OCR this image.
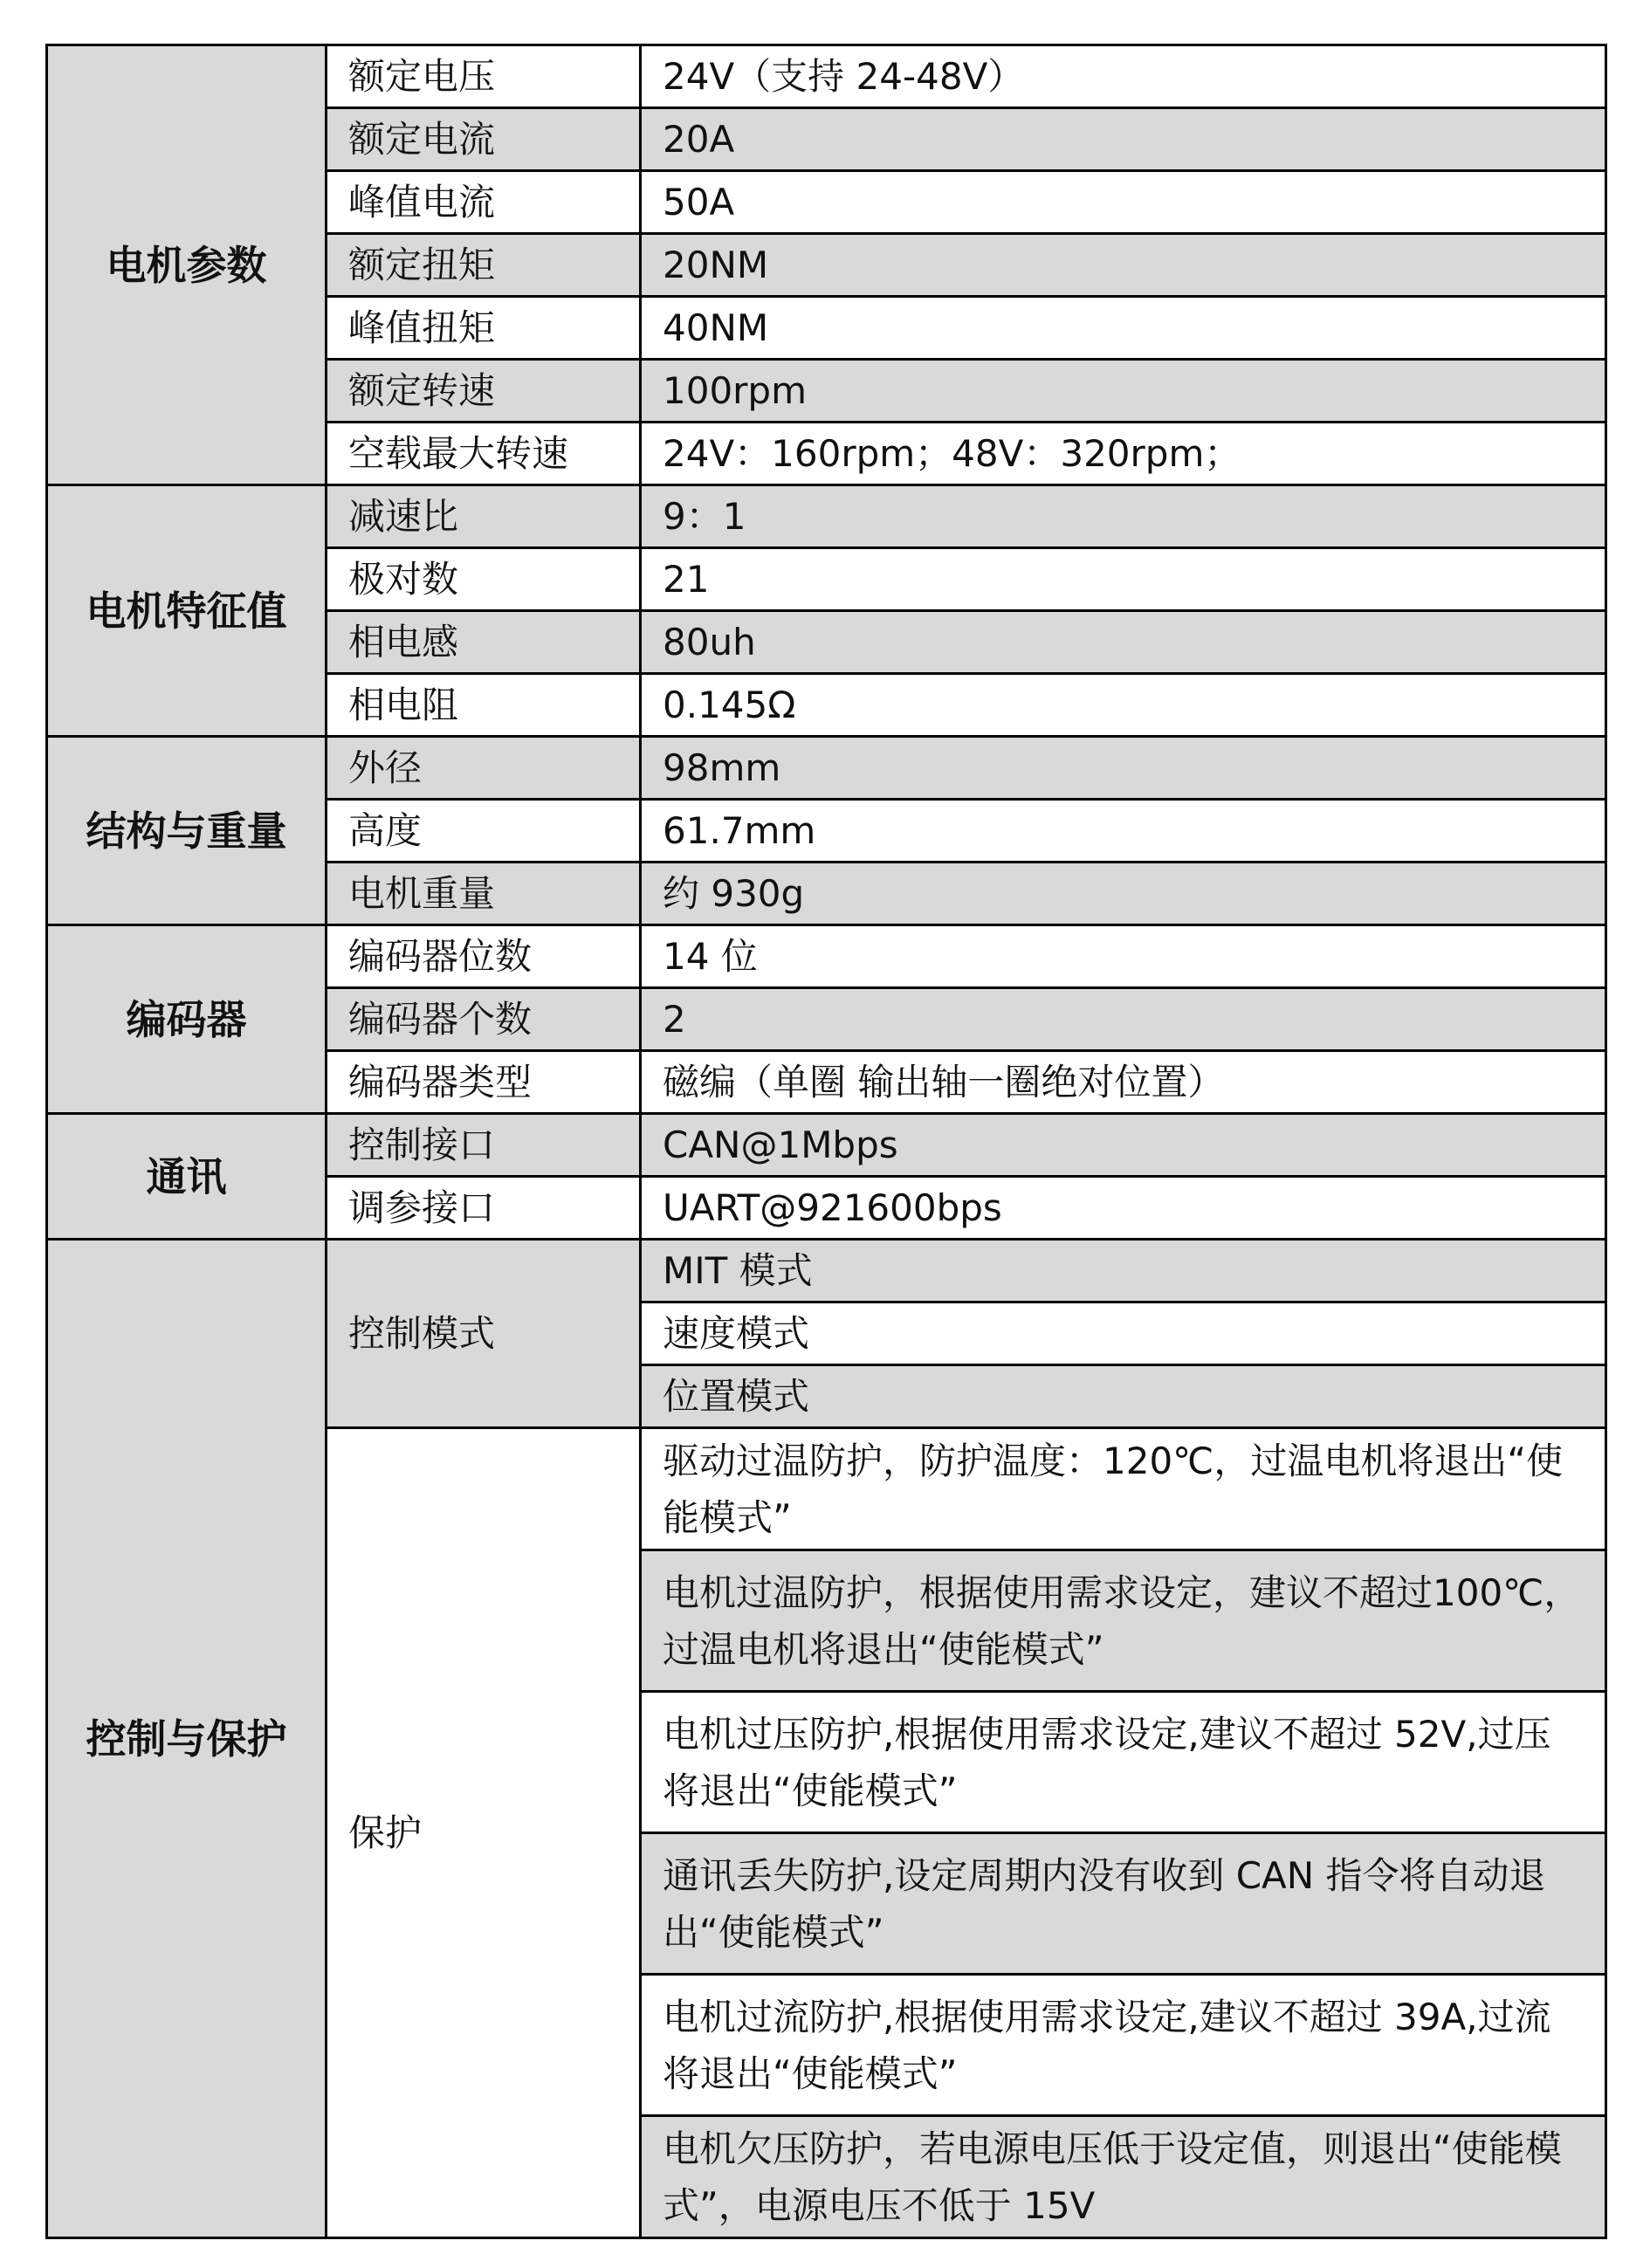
电机参数	额定电压	24V（支持 24-48V）
	额定电流	20A
	峰值电流	50A
	额定扭矩	20NM
	峰值扭矩	40NM
	额定转速	100rpm
	空载最大转速	24V：160rpm；48V：320rpm；
电机特征值	减速比	9：1
	极对数	21
	相电感	80uh
	相电阻	0.145Ω
结构与重量	外径	98mm
	高度	61.7mm
	电机重量	约 930g
编码器	编码器位数	14 位
	编码器个数	2
	编码器类型	磁编（单圈 输出轴一圈绝对位置）
通讯	控制接口	CAN@1Mbps
	调参接口	UART@921600bps
控制与保护	控制模式	MIT 模式
		速度模式
		位置模式
	保护	驱动过温防护，防护温度：120℃，过温电机将退出“使能模式”
		电机过温防护，根据使用需求设定，建议不超过100℃，过温电机将退出“使能模式”
		电机过压防护,根据使用需求设定,建议不超过 52V,过压将退出“使能模式”
		通讯丢失防护,设定周期内没有收到 CAN 指令将自动退出“使能模式”
		电机过流防护,根据使用需求设定,建议不超过 39A,过流将退出“使能模式”
		电机欠压防护，若电源电压低于设定值，则退出“使能模式”，电源电压不低于 15V
